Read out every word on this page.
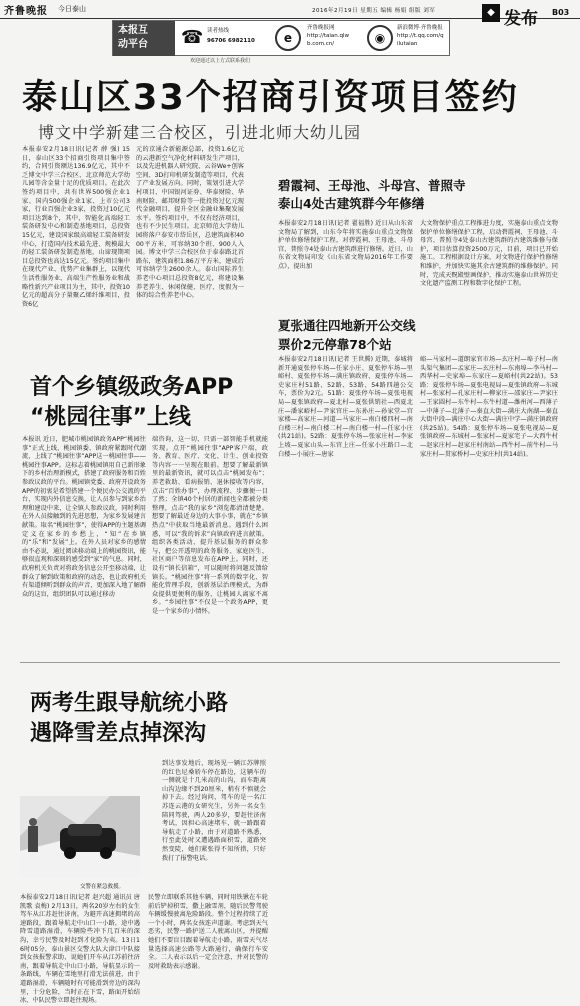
齐鲁晚报 今日泰山	2016年2月19日 星期五 编辑 杨娟 组版 刘军	◆ 发布 B03
本报互
动平台	☎ 读者热线
96706 6982110	e
齐鲁晚报网
http://taian.qlw
b.com.cn/	◉
新浪微博·齐鲁晚报
http://t.qq.com/q
ilutaian
欢迎通过以上方式联系我们
泰山区33个招商引资项目签约
博文中学新建三合校区，引进北师大幼儿园
本报泰安2月18日讯(记者 薛 强) 15日，泰山区33个招商引资项目集中签约，合同引资额达136.9亿元，其中不乏博文中学三合校区、北京师范大学幼儿园等含金量十足的优质项目。在此次签约项目中，共有世界500强企业1家、国内500强企业1家、上市公司3家，行业百强企业3家，投资过10亿元项目达到8个，其中，智能化高端轻工装备研发中心和制造基地项目，总投资15亿元，建设国家级高端轻工装备研发中心，打造国内技术最先进、规模最大的轻工装备研发制造基地，山谛现期项目总投资也高达15亿元。签约项目集中在现代产业、优势产业集群上，以现代生活性服务业、高端生产性服务业和战略性新兴产业项目为主，其中，投资10亿元的超高分子量聚乙烯纤维项目，投资6亿
元的京通合新能源总部，投资1.6亿元的云港新空气净化材料研发生产项目，以及先进机器人研究院、云谷We+创客空间、3D打印机研发制造等项目，代表了产业发展方向。同时，策划引进大学村项目、中国银河证券、华泰财险、华南财险、邮邦财险等一批投资过亿元现代金融项目，提升全区金融业集聚发展水平。签约项目中，不仅有经济项目，也有不少民生项目。北京师范大学幼儿园将落户泰安市岱岳区，总建筑面积4000平方米，可容纳30个班、900人入园。博文中学三合校区位于泰泰路北首路东，建筑面积1.86万平方米，建成后可容纳学生2600余人。泰山国际养生养老中心项目总投资8亿元，将建设集养老养生、休闲保健、医疗、度假为一体的综合性养老中心。
碧霞祠、王母池、斗母宫、普照寺
泰山4处古建筑群今年修缮
本报泰安2月18日讯(记者 翟福胜) 近日从山东省文物局了解到，山东今年将实施泰山重点文物保护单位修缮保护工程，对碧霞祠、王母池、斗母宫、普照寺4处泰山古建筑群进行修缮。近日，山东省文物局印发《山东省文物局2016年工作要点》，提出加
大文物保护重点工程推进力度，实施泰山重点文物保护单位修缮保护工程，启动碧霞祠、王母池、斗母宫、普照寺4处泰山古建筑群的古建筑维修与保护，项目估算投资2500万元，目前，项目已开始施工。工程根据设计方案，对文物进行保护性修缮和维护，并加快实施其余古建筑群的维修保护。同时，完成天贶殿壁画保护，推动实施泰山世界历史文化遗产监测工程和数字化保护工程。
夏张通往四地新开公交线
票价2元停靠78个站
本报泰安2月18日讯(记者 王世腾) 近期，泰城将新开通夏张停车场—任家小庄、夏张停车场—里峪村、夏张停车场—满庄镇政府、夏张停车场—史家庄村51路、52路、53路、54路四趟公交车，票价为2元。51路：夏张停车场—夏张电视局—夏张镇政府—夏北村—夏张供销社—西夏北庄—潘家峪村—尹家官庄—东孙庄—孙家堂—宫家楼—高家庄—河道—马家庄—南白楼四村—南白楼三村—南白楼二村—南白楼一村—任家小庄(共21站)。52路：夏张停车场—张家庄村—李家上坡—夏家山头—东官上庄—任家小庄路口—北白楼—小展庄—唐家
峪—马家村—道朗家官市场—玄庄村—埠子村—南头渠气集团—孟家庄—玄庄村—东南埠—李马村—西华村—史家埠—东家庄—夏峪村(共22站)。53路：夏张停车场—夏张电视局—夏张镇政府—东城村—张家村—孔家庄村—柳家庄—邵家庄—尹家庄—王家圆村—东牛村—东牛村道—潍州河—西薄子—中薄子—北薄子—秦直大街—满庄大南湖—秦直大街中段—满庄中心大街—满庄中学—满庄镇政府(共25站)。54路：夏张停车场—夏张电视局—夏张镇政府—东城村—张家村—夏家宅子—大西牛村—赵家庄村—赵家庄村南站—西牛村—前牛村—马家庄村—贯家桥村—史家庄村(共14站)。
首个乡镇级政务APP
“桃园往事”上线
本报讯 近日，肥城市桃园镇政务APP“桃园往事”正式上线，桃园镇委、镇政府紧跟时代潮流，上线了“桃园往事”APP这一桃园往事——桃园往事APP。这标志着桃园镇用自己新形象下的乡村治理新模式，搭建了政府服务和百姓参政议政的平台。桃园镇党委、政府开设政务APP的初衷是希望搭建一个便民办公交流的平台，实现内外信息交换，让人员参与到家乡治理和建设中来，让全镇人参政议政，同时利用在外人员接触到的先进思想，为家乡发展建言献策。取名“桃园往事”，使得APP的主题基调定义在家乡的乡愁上，“知”在乡镇的“乐”和“发展”上。在外人员对家乡的感情由不必说，通过阅读移动端上的桃园资讯，能够很直观和深刻的感受到“家”的气息。同时，政府机关负责对将政务信息公开至移动端，让群众了解到政策和政府的动态，也让政府机关有渠道倾听到群众的声音，更加深入地了解群众的这盲，组织团队可以通过移动
端咨询，这一切，只需一部智能手机就能实现。点开“桃园往事”APP客户端，政务、教育、医疗、文化、计生、创业投资等内容一一呈现在眼前。想要了解最新镇里的最新资讯，就可以点击“桃园发布”；养老救助、看病报销、退休接收等内容，点击“百姓办事”，办理流程、步骤便一目了然；全镇40个村居的新闻也全都被分类整理，点击“我的家乡”浏览都清清楚楚。想要了解最近身边的大事小事，就在“乡镇热点”中获取当地最新消息。遇到什么困惑，可以“我的诉求”向镇政府进言献策。组织各类活动，提升基层服务的群众参与，把公开透明的政务服务、家庭医生、社区商户等信息发布在APP上。同时，还设有“镇长信箱”，可以随时将问题反馈给镇长。“桃园往事”将一系列的数字化、智能化管理手段，创新基层治理模式，为群众提供更便利的服务，让桃园人离家不离乡。“乡园往事”不仅是一个政务APP，更是一个家乡的小情怀。
两考生跟导航统小路
遇降雪差点掉深沟
到达事发地后，现场见一辆江苏牌照的红色尼桑轿车停在路边，这辆车的一侧就是十几米高的山沟，而车距离山沟边缘不到20厘米，稍有不慎就会掉下去。经过询问，驾车的是一名江苏连云港的女研究生，另外一名女生陪同驾驶，两人20多岁，要赶往济南考试，因担心高速堵车，就一路跟着导航走了小路，由于对道路不熟悉，行至此处时又遭遇路面积雪，道路突然变陡，她们紧张得不知所措，只好拨打了报警电话。
交警在紧急救援。
本报泰安2月18日讯(记者 赵兴超 通讯员 唐凯歌 袁梅) 2月13日，两名20岁左右的女生驾车从江苏赶往济南，为避开高速拥堵的高速路段，跟着导航走中山口一小路，途中遇降雪道路湿滑，车辆险些冲下几百米的深沟，幸亏民警及时赶到才化险为夷。13日16时05分，泰山景区交警大队大津口中队接到女孩报警求助，说她们开车从江苏前往济南，跟着导航走中山口小路，导航显示的一条路线，车辆在雪地里打滑无法前进，由于道路湿滑，车辆随时有可能滑到旁边的深沟里，十分危险，当时正在下雪，路面开始结冰，中队民警立即赶往现场。
民警立即联系其他车辆，同时用铁锹在车轮前后铲掉积雪，撒上融雪剂，随后民警驾驶车辆缓慢驶离危险路段。整个过程持续了近一个小时，两名女孩连声道谢。考虑到天气恶劣，民警一路护送二人驶离山区，并提醒她们不要盲目跟着导航走小路，雨雪天气尽量选择高速公路等大路通行，确保行车安全。二人表示以后一定会注意，并对民警的及时救助表示感谢。
